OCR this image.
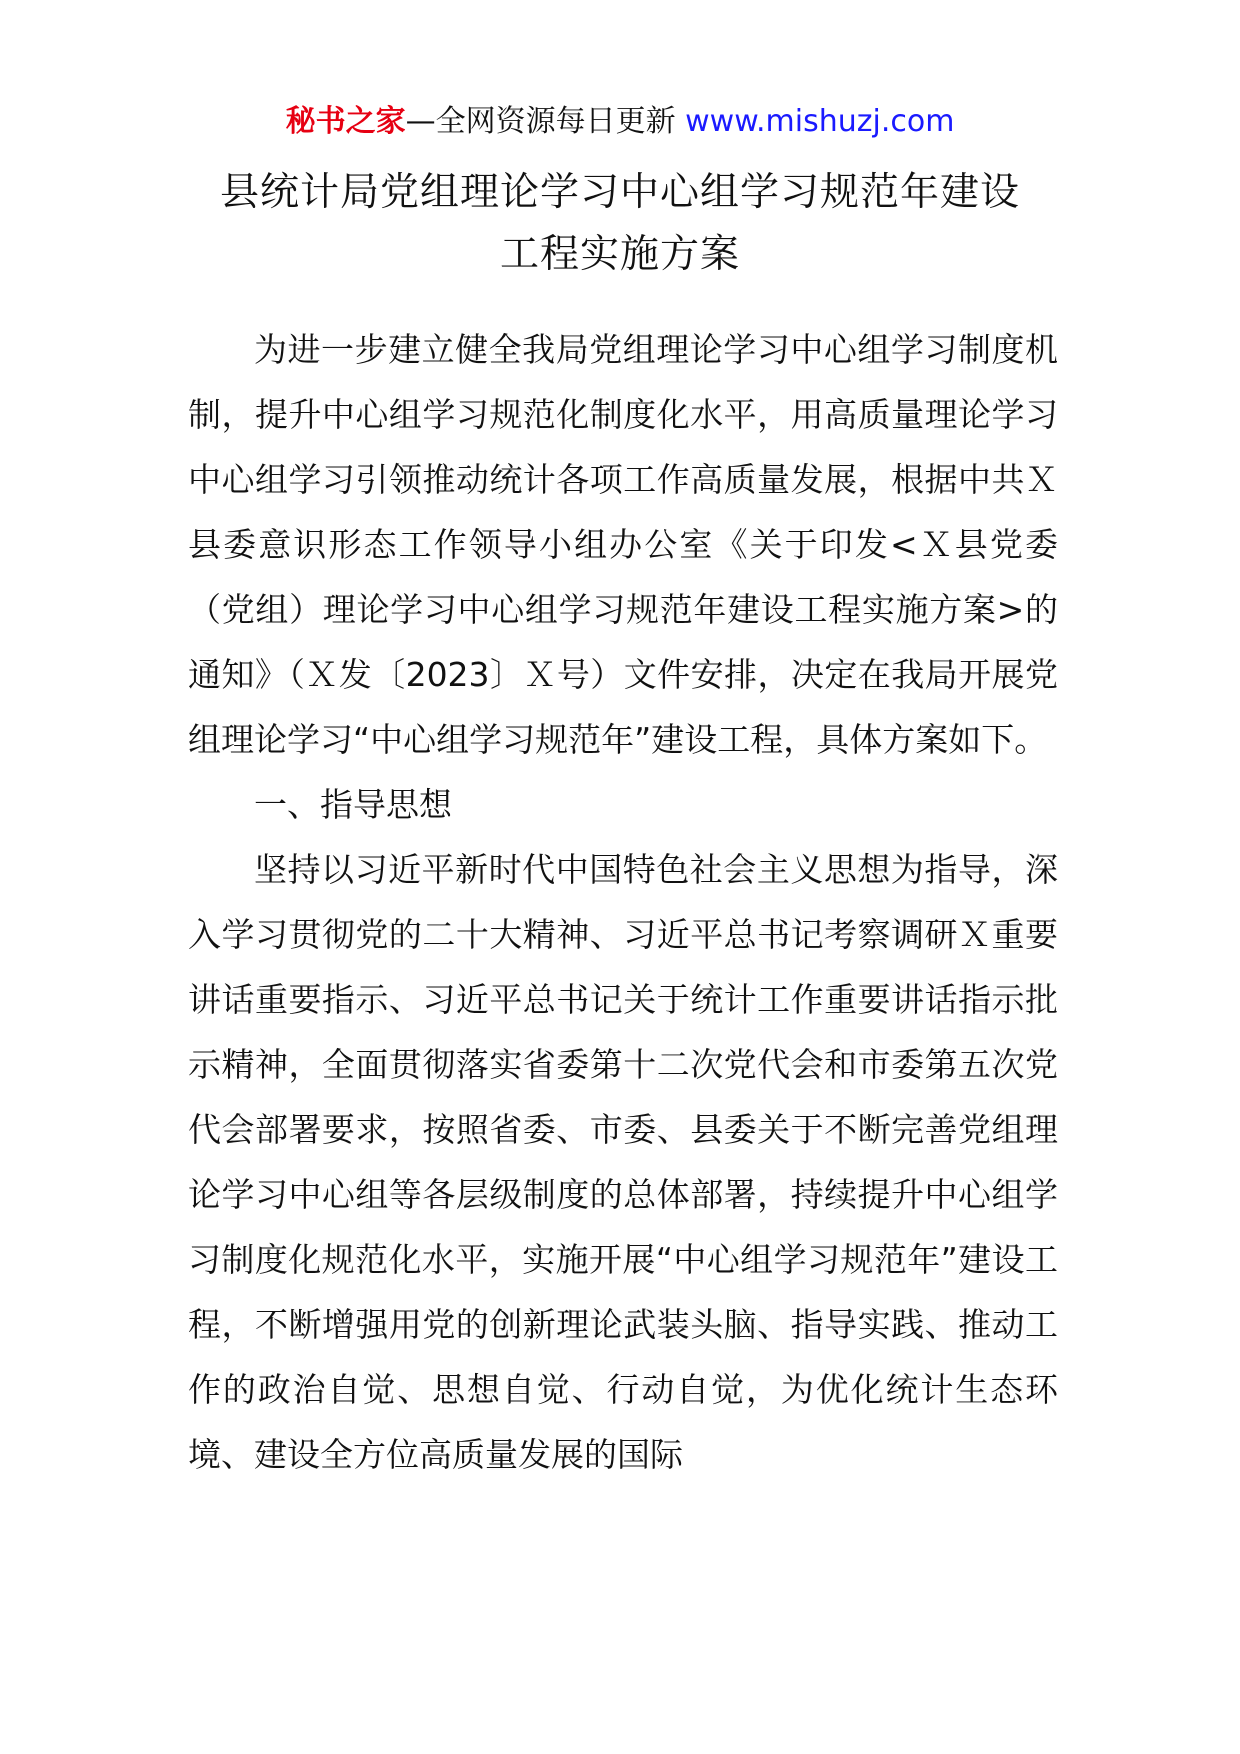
秘书之家—全网资源每日更新 www.mishuzj.com
县统计局党组理论学习中心组学习规范年建设
工程实施方案

为进一步建立健全我局党组理论学习中心组学习制度机制，提升中心组学习规范化制度化水平，用高质量理论学习中心组学习引领推动统计各项工作高质量发展，根据中共Ｘ县委意识形态工作领导小组办公室《关于印发<Ｘ县党委（党组）理论学习中心组学习规范年建设工程实施方案>的通知》（Ｘ发〔2023〕Ｘ号）文件安排，决定在我局开展党组理论学习“中心组学习规范年”建设工程，具体方案如下。

一、指导思想

坚持以习近平新时代中国特色社会主义思想为指导，深入学习贯彻党的二十大精神、习近平总书记考察调研Ｘ重要讲话重要指示、习近平总书记关于统计工作重要讲话指示批示精神，全面贯彻落实省委第十二次党代会和市委第五次党代会部署要求，按照省委、市委、县委关于不断完善党组理论学习中心组等各层级制度的总体部署，持续提升中心组学习制度化规范化水平，实施开展“中心组学习规范年”建设工程，不断增强用党的创新理论武装头脑、指导实践、推动工作的政治自觉、思想自觉、行动自觉，为优化统计生态环境、建设全方位高质量发展的国际
